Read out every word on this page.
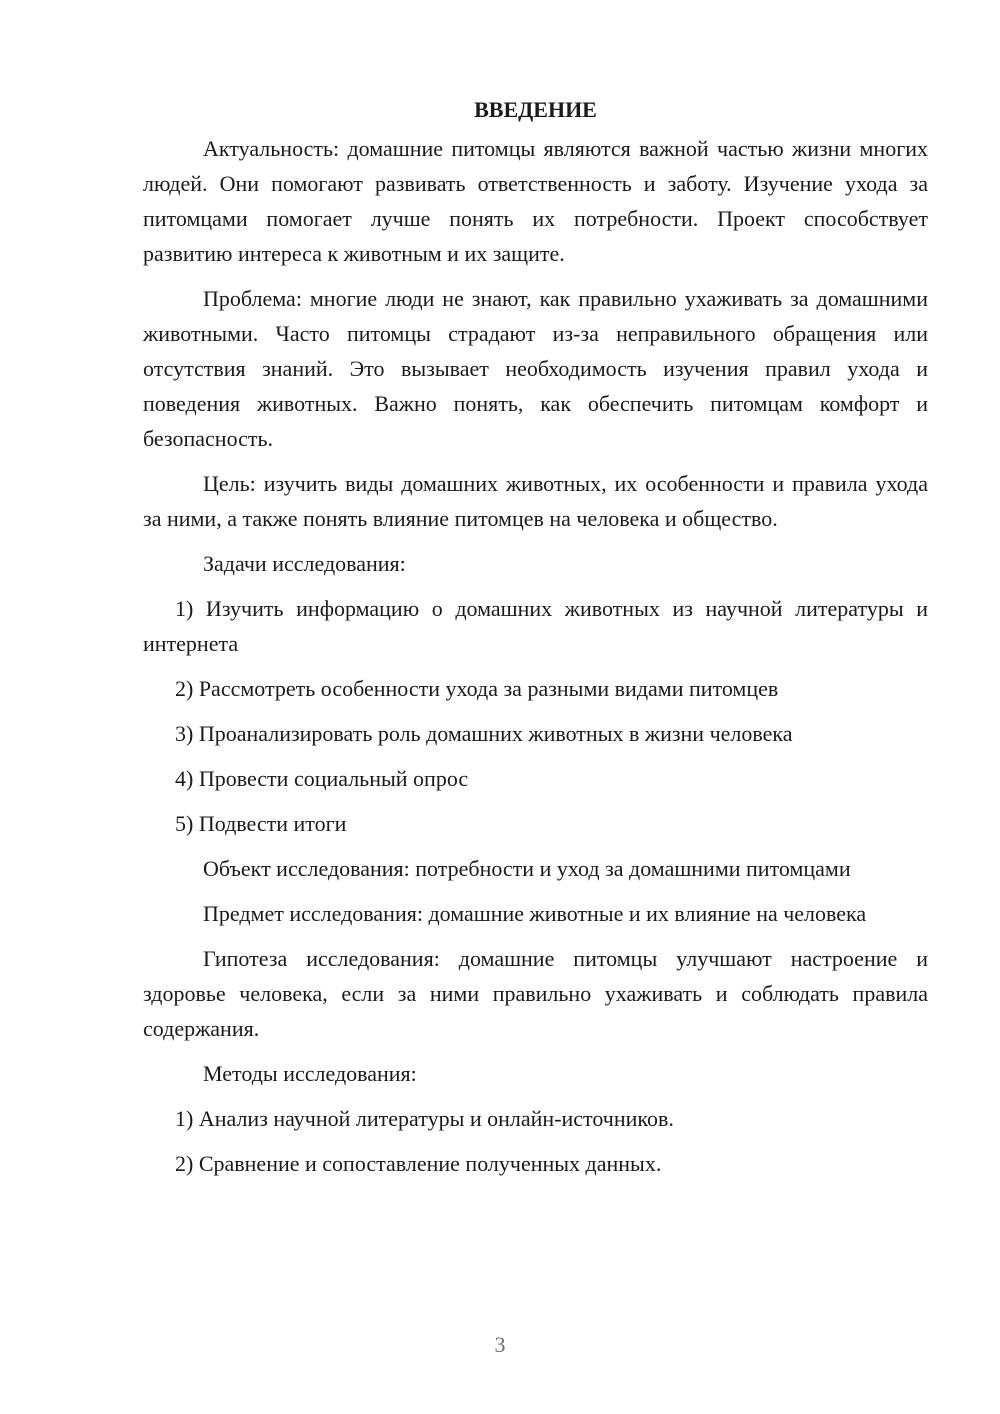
ВВЕДЕНИЕ

Актуальность: домашние питомцы являются важной частью жизни многих людей. Они помогают развивать ответственность и заботу. Изучение ухода за питомцами помогает лучше понять их потребности. Проект способствует развитию интереса к животным и их защите.

Проблема: многие люди не знают, как правильно ухаживать за домашними животными. Часто питомцы страдают из-за неправильного обращения или отсутствия знаний. Это вызывает необходимость изучения правил ухода и поведения животных. Важно понять, как обеспечить питомцам комфорт и безопасность.

Цель: изучить виды домашних животных, их особенности и правила ухода за ними, а также понять влияние питомцев на человека и общество.

Задачи исследования:

1) Изучить информацию о домашних животных из научной литературы и интернета
2) Рассмотреть особенности ухода за разными видами питомцев
3) Проанализировать роль домашних животных в жизни человека
4) Провести социальный опрос
5) Подвести итоги

Объект исследования: потребности и уход за домашними питомцами

Предмет исследования: домашние животные и их влияние на человека

Гипотеза исследования: домашние питомцы улучшают настроение и здоровье человека, если за ними правильно ухаживать и соблюдать правила содержания.

Методы исследования:

1) Анализ научной литературы и онлайн-источников.
2) Сравнение и сопоставление полученных данных.
3
